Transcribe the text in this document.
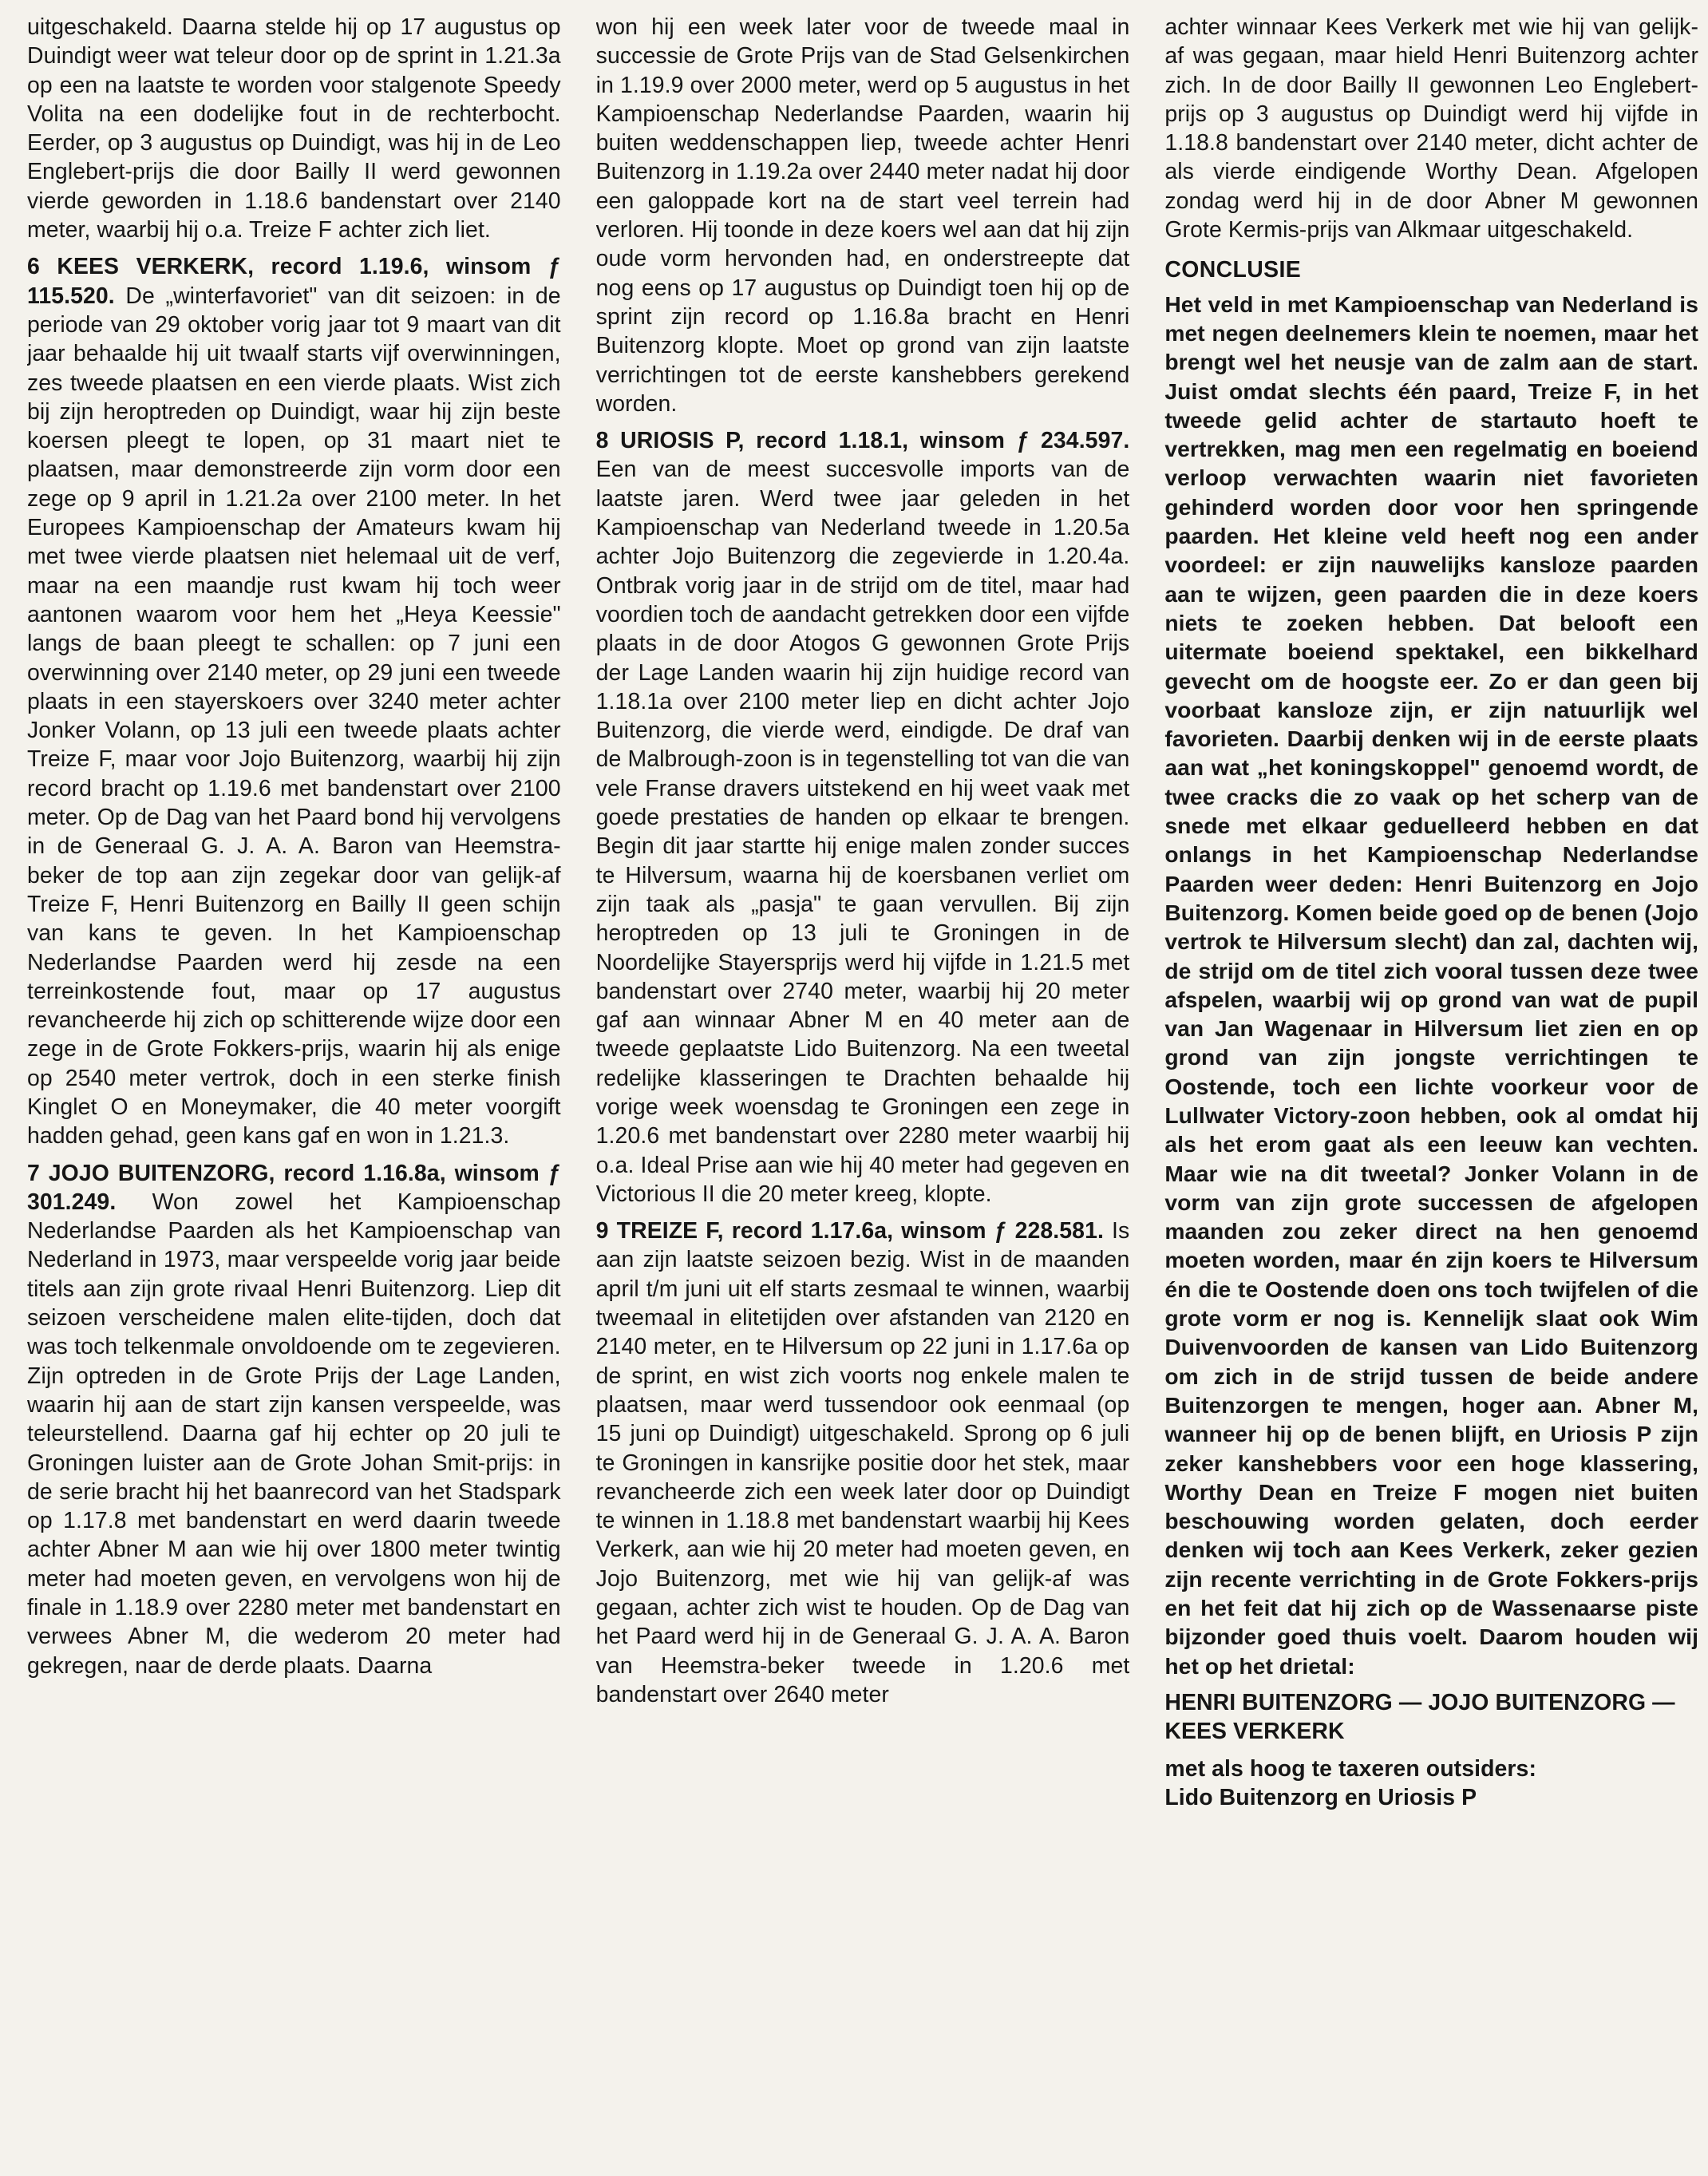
uitgeschakeld. Daarna stelde hij op 17 augustus op Duindigt weer wat teleur door op de sprint in 1.21.3a op een na laatste te worden voor stalgenote Speedy Volita na een dodelijke fout in de rechterbocht. Eerder, op 3 augustus op Duindigt, was hij in de Leo Englebert-prijs die door Bailly II werd gewonnen vierde geworden in 1.18.6 bandenstart over 2140 meter, waarbij hij o.a. Treize F achter zich liet.

6 KEES VERKERK, record 1.19.6, winsom ƒ 115.520. De „winterfavoriet" van dit seizoen: in de periode van 29 oktober vorig jaar tot 9 maart van dit jaar behaalde hij uit twaalf starts vijf overwinningen, zes tweede plaatsen en een vierde plaats. Wist zich bij zijn heroptreden op Duindigt, waar hij zijn beste koersen pleegt te lopen, op 31 maart niet te plaatsen, maar demonstreerde zijn vorm door een zege op 9 april in 1.21.2a over 2100 meter. In het Europees Kampioenschap der Amateurs kwam hij met twee vierde plaatsen niet helemaal uit de verf, maar na een maandje rust kwam hij toch weer aantonen waarom voor hem het „Heya Keessie" langs de baan pleegt te schallen: op 7 juni een overwinning over 2140 meter, op 29 juni een tweede plaats in een stayerskoers over 3240 meter achter Jonker Volann, op 13 juli een tweede plaats achter Treize F, maar voor Jojo Buitenzorg, waarbij hij zijn record bracht op 1.19.6 met bandenstart over 2100 meter. Op de Dag van het Paard bond hij vervolgens in de Generaal G. J. A. A. Baron van Heemstra-beker de top aan zijn zegekar door van gelijk-af Treize F, Henri Buitenzorg en Bailly II geen schijn van kans te geven. In het Kampioenschap Nederlandse Paarden werd hij zesde na een terreinkostende fout, maar op 17 augustus revancheerde hij zich op schitterende wijze door een zege in de Grote Fokkers-prijs, waarin hij als enige op 2540 meter vertrok, doch in een sterke finish Kinglet O en Moneymaker, die 40 meter voorgift hadden gehad, geen kans gaf en won in 1.21.3.

7 JOJO BUITENZORG, record 1.16.8a, winsom ƒ 301.249. Won zowel het Kampioenschap Nederlandse Paarden als het Kampioenschap van Nederland in 1973, maar verspeelde vorig jaar beide titels aan zijn grote rivaal Henri Buitenzorg. Liep dit seizoen verscheidene malen elite-tijden, doch dat was toch telkenmale onvoldoende om te zegevieren. Zijn optreden in de Grote Prijs der Lage Landen, waarin hij aan de start zijn kansen verspeelde, was teleurstellend. Daarna gaf hij echter op 20 juli te Groningen luister aan de Grote Johan Smit-prijs: in de serie bracht hij het baanrecord van het Stadspark op 1.17.8 met bandenstart en werd daarin tweede achter Abner M aan wie hij over 1800 meter twintig meter had moeten geven, en vervolgens won hij de finale in 1.18.9 over 2280 meter met bandenstart en verwees Abner M, die wederom 20 meter had gekregen, naar de derde plaats. Daarna

won hij een week later voor de tweede maal in successie de Grote Prijs van de Stad Gelsenkirchen in 1.19.9 over 2000 meter, werd op 5 augustus in het Kampioenschap Nederlandse Paarden, waarin hij buiten weddenschappen liep, tweede achter Henri Buitenzorg in 1.19.2a over 2440 meter nadat hij door een galoppade kort na de start veel terrein had verloren. Hij toonde in deze koers wel aan dat hij zijn oude vorm hervonden had, en onderstreepte dat nog eens op 17 augustus op Duindigt toen hij op de sprint zijn record op 1.16.8a bracht en Henri Buitenzorg klopte. Moet op grond van zijn laatste verrichtingen tot de eerste kanshebbers gerekend worden.

8 URIOSIS P, record 1.18.1, winsom ƒ 234.597. Een van de meest succesvolle imports van de laatste jaren. Werd twee jaar geleden in het Kampioenschap van Nederland tweede in 1.20.5a achter Jojo Buitenzorg die zegevierde in 1.20.4a. Ontbrak vorig jaar in de strijd om de titel, maar had voordien toch de aandacht getrekken door een vijfde plaats in de door Atogos G gewonnen Grote Prijs der Lage Landen waarin hij zijn huidige record van 1.18.1a over 2100 meter liep en dicht achter Jojo Buitenzorg, die vierde werd, eindigde. De draf van de Malbrough-zoon is in tegenstelling tot van die van vele Franse dravers uitstekend en hij weet vaak met goede prestaties de handen op elkaar te brengen. Begin dit jaar startte hij enige malen zonder succes te Hilversum, waarna hij de koersbanen verliet om zijn taak als „pasja" te gaan vervullen. Bij zijn heroptreden op 13 juli te Groningen in de Noordelijke Stayersprijs werd hij vijfde in 1.21.5 met bandenstart over 2740 meter, waarbij hij 20 meter gaf aan winnaar Abner M en 40 meter aan de tweede geplaatste Lido Buitenzorg. Na een tweetal redelijke klasseringen te Drachten behaalde hij vorige week woensdag te Groningen een zege in 1.20.6 met bandenstart over 2280 meter waarbij hij o.a. Ideal Prise aan wie hij 40 meter had gegeven en Victorious II die 20 meter kreeg, klopte.

9 TREIZE F, record 1.17.6a, winsom ƒ 228.581. Is aan zijn laatste seizoen bezig. Wist in de maanden april t/m juni uit elf starts zesmaal te winnen, waarbij tweemaal in elitetijden over afstanden van 2120 en 2140 meter, en te Hilversum op 22 juni in 1.17.6a op de sprint, en wist zich voorts nog enkele malen te plaatsen, maar werd tussendoor ook eenmaal (op 15 juni op Duindigt) uitgeschakeld. Sprong op 6 juli te Groningen in kansrijke positie door het stek, maar revancheerde zich een week later door op Duindigt te winnen in 1.18.8 met bandenstart waarbij hij Kees Verkerk, aan wie hij 20 meter had moeten geven, en Jojo Buitenzorg, met wie hij van gelijk-af was gegaan, achter zich wist te houden. Op de Dag van het Paard werd hij in de Generaal G. J. A. A. Baron van Heemstra-beker tweede in 1.20.6 met bandenstart over 2640 meter

achter winnaar Kees Verkerk met wie hij van gelijk-af was gegaan, maar hield Henri Buitenzorg achter zich. In de door Bailly II gewonnen Leo Englebert-prijs op 3 augustus op Duindigt werd hij vijfde in 1.18.8 bandenstart over 2140 meter, dicht achter de als vierde eindigende Worthy Dean. Afgelopen zondag werd hij in de door Abner M gewonnen Grote Kermis-prijs van Alkmaar uitgeschakeld.

CONCLUSIE

Het veld in met Kampioenschap van Nederland is met negen deelnemers klein te noemen, maar het brengt wel het neusje van de zalm aan de start. Juist omdat slechts één paard, Treize F, in het tweede gelid achter de startauto hoeft te vertrekken, mag men een regelmatig en boeiend verloop verwachten waarin niet favorieten gehinderd worden door voor hen springende paarden. Het kleine veld heeft nog een ander voordeel: er zijn nauwelijks kansloze paarden aan te wijzen, geen paarden die in deze koers niets te zoeken hebben. Dat belooft een uitermate boeiend spektakel, een bikkelhard gevecht om de hoogste eer. Zo er dan geen bij voorbaat kansloze zijn, er zijn natuurlijk wel favorieten. Daarbij denken wij in de eerste plaats aan wat „het koningskoppel" genoemd wordt, de twee cracks die zo vaak op het scherp van de snede met elkaar geduelleerd hebben en dat onlangs in het Kampioenschap Nederlandse Paarden weer deden: Henri Buitenzorg en Jojo Buitenzorg. Komen beide goed op de benen (Jojo vertrok te Hilversum slecht) dan zal, dachten wij, de strijd om de titel zich vooral tussen deze twee afspelen, waarbij wij op grond van wat de pupil van Jan Wagenaar in Hilversum liet zien en op grond van zijn jongste verrichtingen te Oostende, toch een lichte voorkeur voor de Lullwater Victory-zoon hebben, ook al omdat hij als het erom gaat als een leeuw kan vechten. Maar wie na dit tweetal? Jonker Volann in de vorm van zijn grote successen de afgelopen maanden zou zeker direct na hen genoemd moeten worden, maar én zijn koers te Hilversum én die te Oostende doen ons toch twijfelen of die grote vorm er nog is. Kennelijk slaat ook Wim Duivenvoorden de kansen van Lido Buitenzorg om zich in de strijd tussen de beide andere Buitenzorgen te mengen, hoger aan. Abner M, wanneer hij op de benen blijft, en Uriosis P zijn zeker kanshebbers voor een hoge klassering, Worthy Dean en Treize F mogen niet buiten beschouwing worden gelaten, doch eerder denken wij toch aan Kees Verkerk, zeker gezien zijn recente verrichting in de Grote Fokkers-prijs en het feit dat hij zich op de Wassenaarse piste bijzonder goed thuis voelt. Daarom houden wij het op het drietal:

HENRI BUITENZORG — JOJO BUITENZORG — KEES VERKERK

met als hoog te taxeren outsiders:
Lido Buitenzorg en Uriosis P
